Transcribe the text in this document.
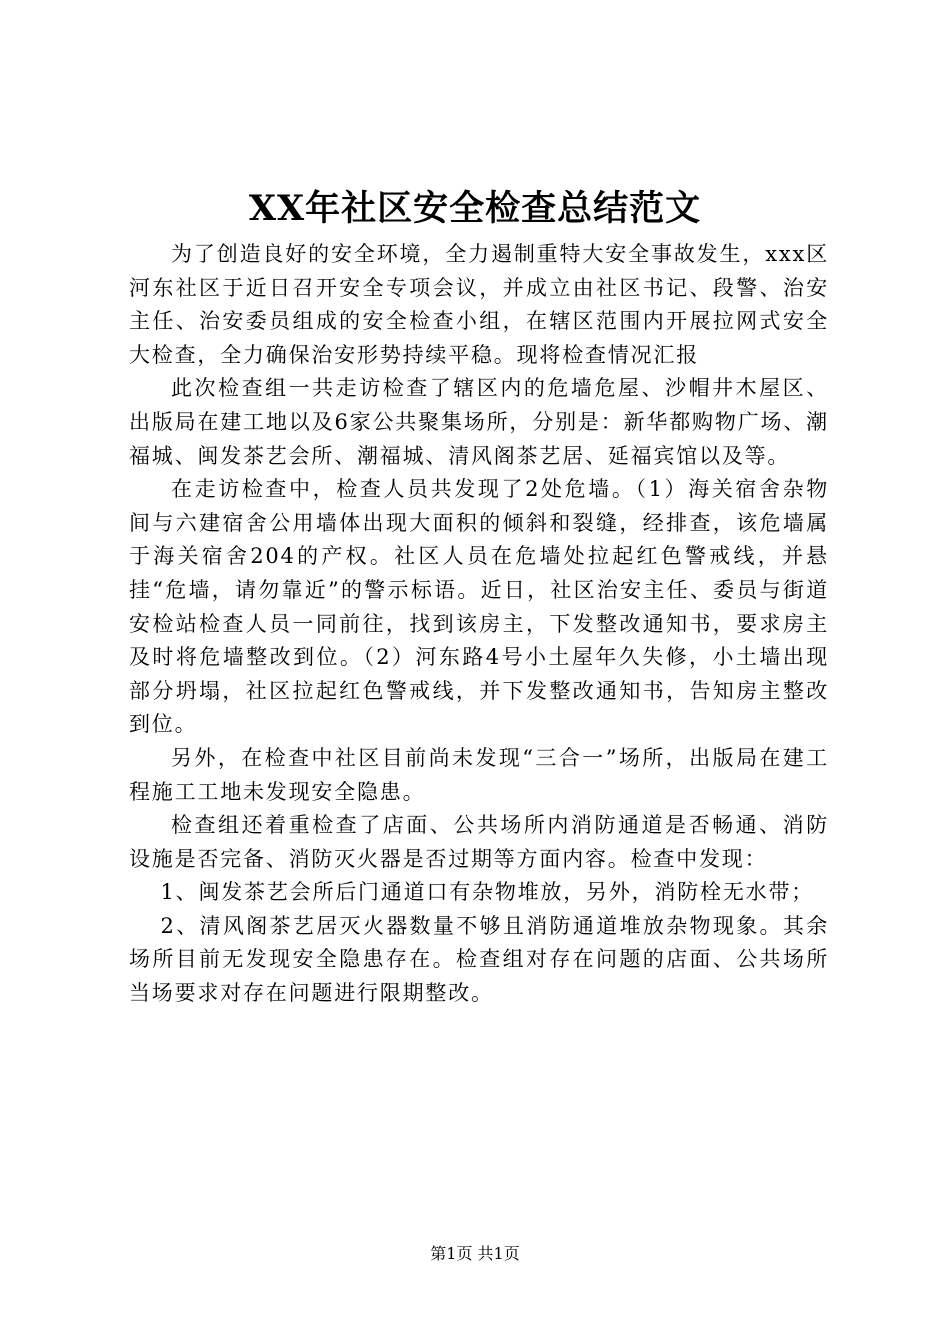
XX年社区安全检查总结范文

为了创造良好的安全环境，全力遏制重特大安全事故发生，xxx区河东社区于近日召开安全专项会议，并成立由社区书记、段警、治安主任、治安委员组成的安全检查小组，在辖区范围内开展拉网式安全大检查，全力确保治安形势持续平稳。现将检查情况汇报

此次检查组一共走访检查了辖区内的危墙危屋、沙帽井木屋区、出版局在建工地以及6家公共聚集场所，分别是：新华都购物广场、潮福城、闽发茶艺会所、潮福城、清风阁茶艺居、延福宾馆以及等。

在走访检查中，检查人员共发现了2处危墙。（1）海关宿舍杂物间与六建宿舍公用墙体出现大面积的倾斜和裂缝，经排查，该危墙属于海关宿舍204的产权。社区人员在危墙处拉起红色警戒线，并悬挂“危墙，请勿靠近”的警示标语。近日，社区治安主任、委员与街道安检站检查人员一同前往，找到该房主，下发整改通知书，要求房主及时将危墙整改到位。（2）河东路4号小土屋年久失修，小土墙出现部分坍塌，社区拉起红色警戒线，并下发整改通知书，告知房主整改到位。

另外，在检查中社区目前尚未发现“三合一”场所，出版局在建工程施工工地未发现安全隐患。

检查组还着重检查了店面、公共场所内消防通道是否畅通、消防设施是否完备、消防灭火器是否过期等方面内容。检查中发现：

1、闽发茶艺会所后门通道口有杂物堆放，另外，消防栓无水带；

2、清风阁茶艺居灭火器数量不够且消防通道堆放杂物现象。其余场所目前无发现安全隐患存在。检查组对存在问题的店面、公共场所当场要求对存在问题进行限期整改。

第1页 共1页
